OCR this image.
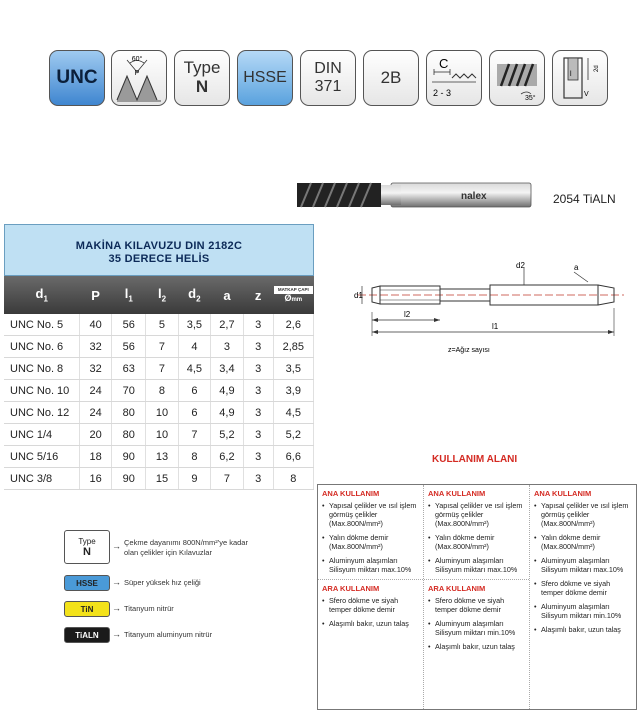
UNC
60°
P	Type
N HSSE
DIN
371 2B
C
2 - 3
35°
l
V
2d
nalex	2054 TiALN
MAKİNA KILAVUZU DIN 2182C
35 DERECE HELİS
$d_1$	P	$l_1$	$l_2$	$d_2$	a	z	MATKAP ÇAPI
Ømm

UNC No. 5	40	56	5	3,5	2,7	3	2,6
UNC No. 6	32	56	7	4	3	3	2,85
UNC No. 8	32	63	7	4,5	3,4	3	3,5
UNC No. 10	24	70	8	6	4,9	3	3,9
UNC No. 12	24	80	10	6	4,9	3	4,5
UNC 1/4	20	80	10	7	5,2	3	5,2
UNC 5/16	18	90	13	8	6,2	3	6,6
UNC 3/8	16	90	15	9	7	3	8
d1
d2	a
l2
l1
z=Ağız sayısı
Type
N → Çekme dayanımı 800N/mm²'ye kadar olan çelikler için Kılavuzlar
HSSE → Süper yüksek hız çeliği
TiN → Titanyum nitrür
TiALN → Titanyum aluminyum nitrür
KULLANIM ALANI
ANA KULLANIM
• Yapısal çelikler ve ısıl işlem görmüş çelikler (Max.800N/mm²)
• Yalın dökme demir (Max.800N/mm²)
• Aluminyum alaşımları Silisyum miktarı max.10%
ARA KULLANIM
• Sfero dökme ve siyah temper dökme demir
• Alaşımlı bakır, uzun talaş
ANA KULLANIM
• Yapısal çelikler ve ısıl işlem görmüş çelikler (Max.800N/mm²)
• Yalın dökme demir (Max.800N/mm²)
• Aluminyum alaşımları Silisyum miktarı max.10%
ARA KULLANIM
• Sfero dökme ve siyah temper dökme demir
• Aluminyum alaşımları Silisyum miktarı min.10%
• Alaşımlı bakır, uzun talaş
ANA KULLANIM
• Yapısal çelikler ve ısıl işlem görmüş çelikler (Max.800N/mm²)
• Yalın dökme demir (Max.800N/mm²)
• Aluminyum alaşımları Silisyum miktarı max.10%
• Sfero dökme ve siyah temper dökme demir
• Aluminyum alaşımları Silisyum miktarı min.10%
• Alaşımlı bakır, uzun talaş
